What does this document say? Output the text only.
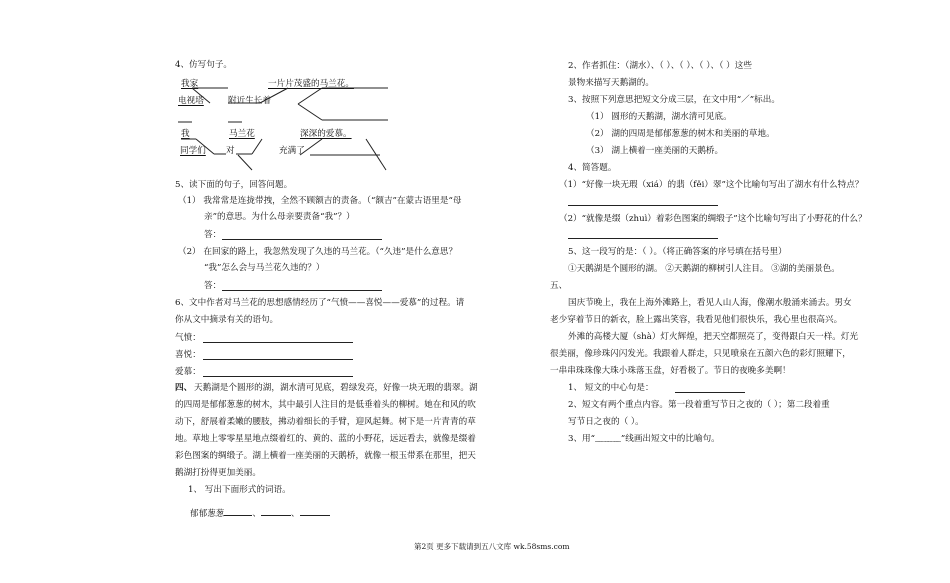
4、仿写句子。
我家	一片片茂盛的马兰花。
电视塔	附近生长着
我	马兰花	深深的爱慕。
同学们 对	充满了
5、读下面的句子，回答问题。
（1） 我常常是连拢带拽，全然不顾额吉的责备。（“额吉”在蒙古语里是“母
亲”的意思。为什么母亲要责备“我”？）
答：
（2） 在回家的路上，我忽然发现了久违的马兰花。（“久违”是什么意思？
“我”怎么会与马兰花久违的？）
答：
6、文中作者对马兰花的思想感情经历了“气愤——喜悦——爱慕”的过程。请
你从文中摘录有关的语句。
气愤：
喜悦：
爱慕：
四、 天鹅湖是个圆形的湖，湖水清可见底，碧绿发亮，好像一块无瑕的翡翠。湖
的四周是郁郁葱葱的树木，其中最引人注目的是低垂着头的柳树。她在和风的吹
动下，舒展着柔嫩的腰肢，拂动着细长的手臂，迎风起舞。树下是一片青青的草
地。草地上零零星星地点缀着红的、黄的、蓝的小野花，远远看去，就像是缀着
彩色图案的绸缎子。湖上横着一座美丽的天鹅桥，就像一根玉带系在那里，把天
鹅湖打扮得更加美丽。
1、 写出下面形式的词语。
郁郁葱葱	、	、
2、作者抓住：（湖水）、（ ）、（ ）、（ ）、（ ）这些
景物来描写天鹅湖的。
3、按照下列意思把短文分成三层，在文中用“／”标出。
（1） 圆形的天鹅湖，湖水清可见底。
（2） 湖的四周是郁郁葱葱的树木和美丽的草地。
（3） 湖上横着一座美丽的天鹅桥。
4、简答题。
（1）“好像一块无瑕（xiá）的翡（fěi）翠”这个比喻句写出了湖水有什么特点？
（2）“就像是缀（zhuì）着彩色图案的绸缎子”这个比喻句写出了小野花的什么？
5、这一段写的是：（ ）。（将正确答案的序号填在括号里）
①天鹅湖是个圆形的湖。 ②天鹅湖的柳树引人注目。 ③湖的美丽景色。
五、
国庆节晚上，我在上海外滩路上，看见人山人海，像潮水般涌来涌去。男女
老少穿着节日的新衣，脸上露出笑容，我看见他们很快乐，我心里也很高兴。
外滩的高楼大厦（shà）灯火辉煌，把天空都照亮了，变得跟白天一样。灯光
很美丽，像珍珠闪闪发光。我跟着人群走，只见喷泉在五颜六色的彩灯照耀下，
一串串珠珠像大珠小珠落玉盘，好看极了。节日的夜晚多美啊！
1、 短文的中心句是：
2、短文有两个重点内容。第一段着重写节日之夜的（ ）；第二段着重
写节日之夜的（ ）。
3、用“﹏﹏﹏”线画出短文中的比喻句。
第2页 更多下载请到五八文库 wk.58sms.com
